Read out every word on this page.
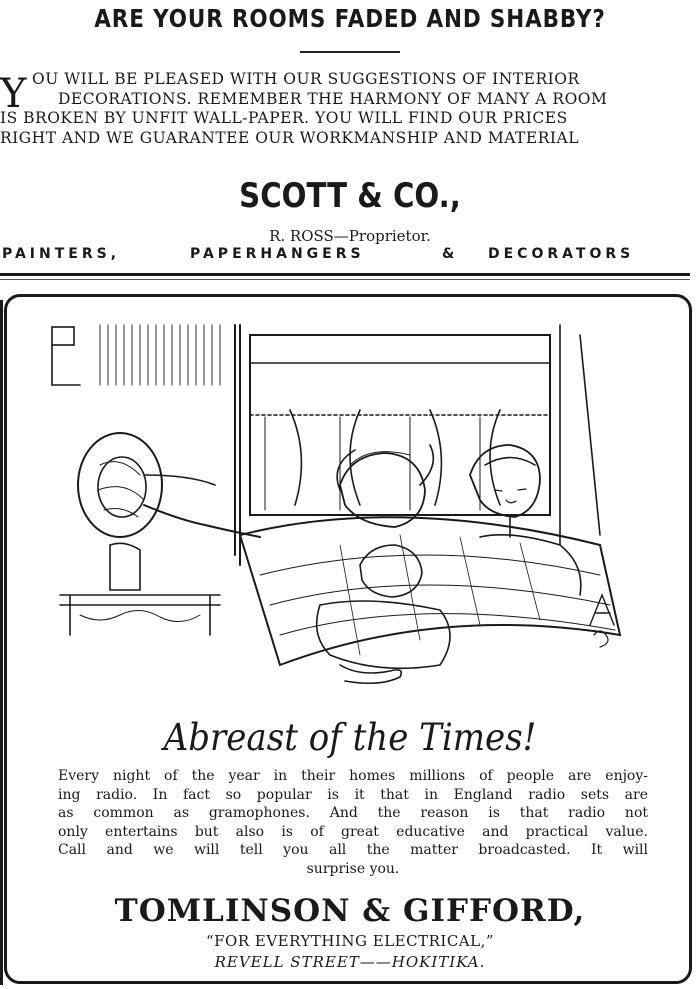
ARE YOUR ROOMS FADED AND SHABBY?
Y OU WILL BE PLEASED WITH OUR SUGGESTIONS OF INTERIOR
DECORATIONS. REMEMBER THE HARMONY OF MANY A ROOM
IS BROKEN BY UNFIT WALL-PAPER. YOU WILL FIND OUR PRICES
RIGHT AND WE GUARANTEE OUR WORKMANSHIP AND MATERIAL
SCOTT & CO.,
R. ROSS—Proprietor.
PAINTERS,	PAPERHANGERS	& DECORATORS
Abreast of the Times!
Every night of the year in their homes millions of people are enjoy-
ing radio. In fact so popular is it that in England radio sets are
as common as gramophones. And the reason is that radio not
only entertains but also is of great educative and practical value.
Call and we will tell you all the matter broadcasted. It will
surprise you.
TOMLINSON & GIFFORD,
“FOR EVERYTHING ELECTRICAL,”
REVELL STREET——HOKITIKA.
